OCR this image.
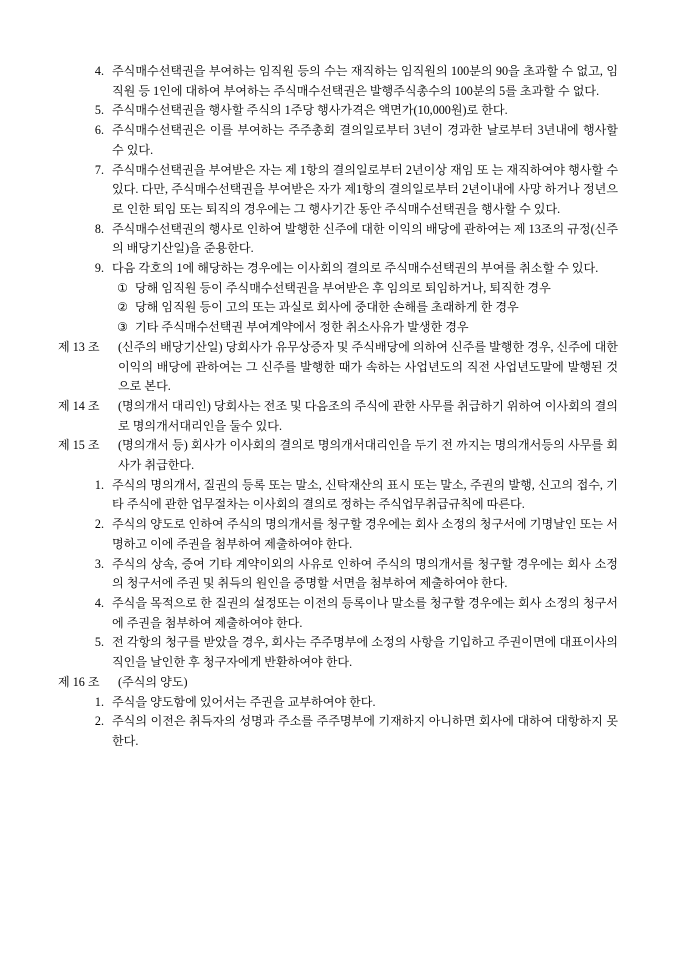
4. 주식매수선택권을 부여하는 임직원 등의 수는 재직하는 임직원의 100분의 90을 초과할 수 없고, 임직원 등 1인에 대하여 부여하는 주식매수선택권은 발행주식총수의 100분의 5를 초과할 수 없다.
5. 주식매수선택권을 행사할 주식의 1주당 행사가격은 액면가(10,000원)로 한다.
6. 주식매수선택권은 이를 부여하는 주주총회 결의일로부터 3년이 경과한 날로부터 3년내에 행사할 수 있다.
7. 주식매수선택권을 부여받은 자는 제 1항의 결의일로부터 2년이상 재임 또 는 재직하여야 행사할 수 있다. 다만, 주식매수선택권을 부여받은 자가 제1항의 결의일로부터 2년이내에 사망 하거나 정년으로 인한 퇴임 또는 퇴직의 경우에는 그 행사기간 동안 주식매수선택권을 행사할 수 있다.
8. 주식매수선택권의 행사로 인하여 발행한 신주에 대한 이익의 배당에 관하여는 제 13조의 규정(신주의 배당기산일)을 준용한다.
9. 다음 각호의 1에 해당하는 경우에는 이사회의 결의로 주식매수선택권의 부여를 취소할 수 있다.
① 당해 임직원 등이 주식매수선택권을 부여받은 후 임의로 퇴임하거나, 퇴직한 경우
② 당해 임직원 등이 고의 또는 과실로 회사에 중대한 손해를 초래하게 한 경우
③ 기타 주식매수선택권 부여계약에서 정한 취소사유가 발생한 경우
제 13 조	(신주의 배당기산일) 당회사가 유무상증자 및 주식배당에 의하여 신주를 발행한 경우, 신주에 대한 이익의 배당에 관하여는 그 신주를 발행한 때가 속하는 사업년도의 직전 사업년도말에 발행된 것으로 본다.
제 14 조	(명의개서 대리인) 당회사는 전조 및 다음조의 주식에 관한 사무를 취급하기 위하여 이사회의 결의로 명의개서대리인을 둘수 있다.
제 15 조	(명의개서 등) 회사가 이사회의 결의로 명의개서대리인을 두기 전 까지는 명의개서등의 사무를 회사가 취급한다.
1. 주식의 명의개서, 질권의 등록 또는 말소, 신탁재산의 표시 또는 말소, 주권의 발행, 신고의 접수, 기타 주식에 관한 업무절차는 이사회의 결의로 정하는 주식업무취급규칙에 따른다.
2. 주식의 양도로 인하여 주식의 명의개서를 청구할 경우에는 회사 소정의 청구서에 기명날인 또는 서명하고 이에 주권을 첨부하여 제출하여야 한다.
3. 주식의 상속, 증여 기타 계약이외의 사유로 인하여 주식의 명의개서를 청구할 경우에는 회사 소정의 청구서에 주권 및 취득의 원인을 증명할 서면을 첨부하여 제출하여야 한다.
4. 주식을 목적으로 한 질권의 설정또는 이전의 등록이나 말소를 청구할 경우에는 회사 소정의 청구서에 주권을 첨부하여 제출하여야 한다.
5. 전 각항의 청구를 받았을 경우, 회사는 주주명부에 소정의 사항을 기입하고 주권이면에 대표이사의 직인을 날인한 후 청구자에게 반환하여야 한다.
제 16 조	(주식의 양도)
1. 주식을 양도함에 있어서는 주권을 교부하여야 한다.
2. 주식의 이전은 취득자의 성명과 주소를 주주명부에 기재하지 아니하면 회사에 대하여 대항하지 못한다.
